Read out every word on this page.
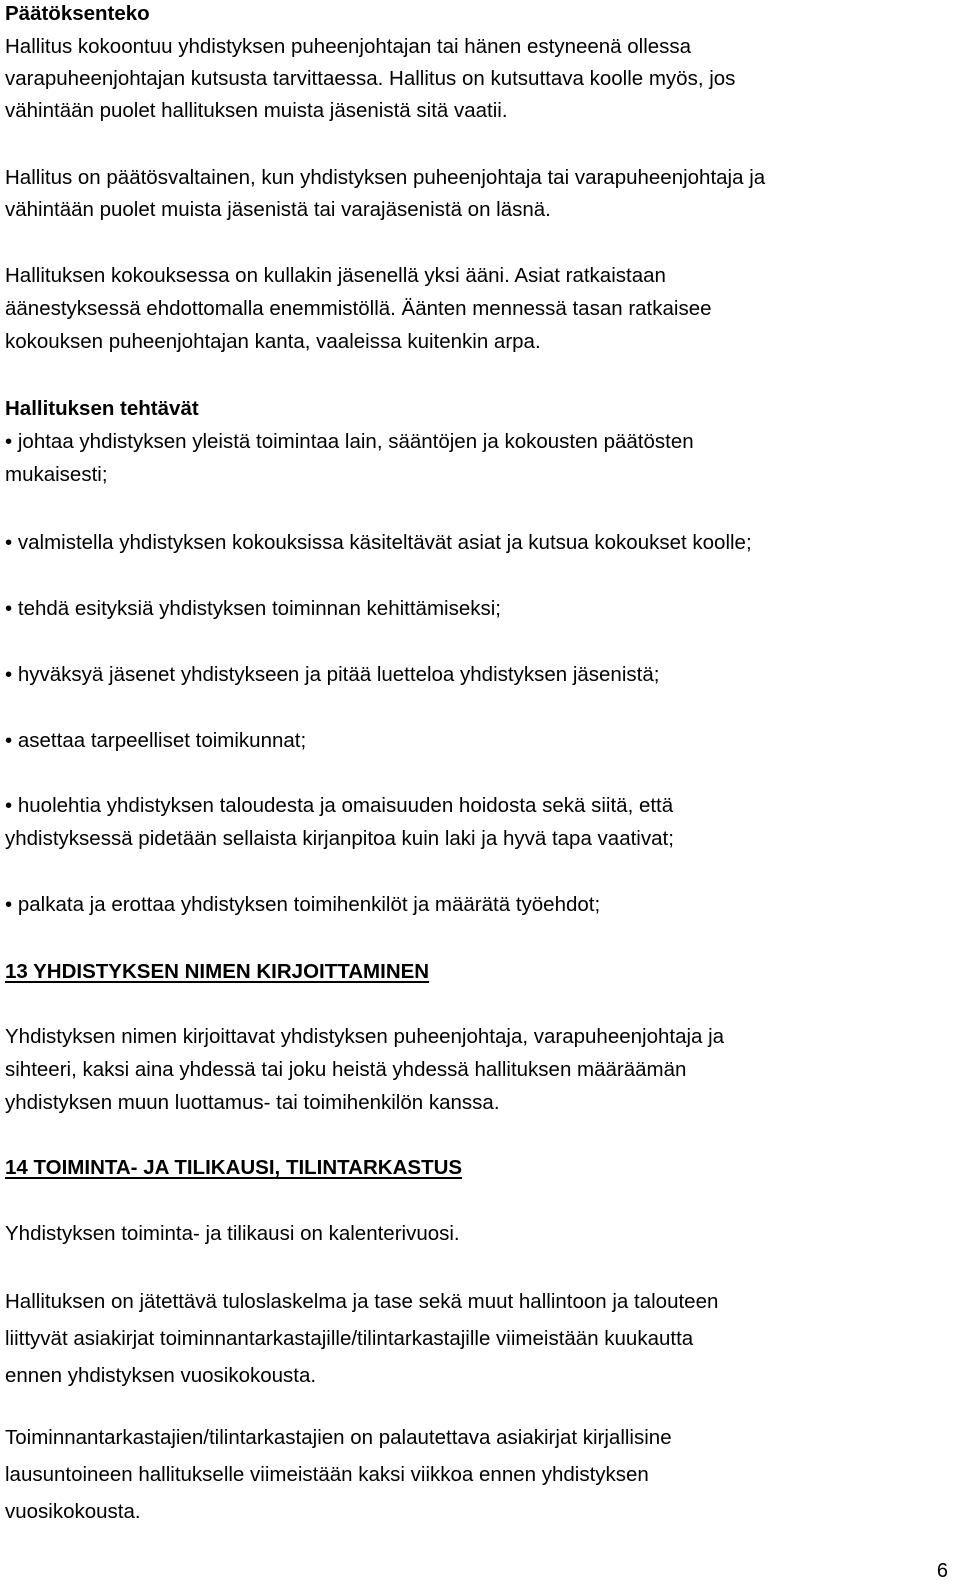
Päätöksenteko
Hallitus kokoontuu yhdistyksen puheenjohtajan tai hänen estyneenä ollessa
varapuheenjohtajan kutsusta tarvittaessa. Hallitus on kutsuttava koolle myös, jos
vähintään puolet hallituksen muista jäsenistä sitä vaatii.
Hallitus on päätösvaltainen, kun yhdistyksen puheenjohtaja tai varapuheenjohtaja ja
vähintään puolet muista jäsenistä tai varajäsenistä on läsnä.
Hallituksen kokouksessa on kullakin jäsenellä yksi ääni. Asiat ratkaistaan
äänestyksessä ehdottomalla enemmistöllä. Äänten mennessä tasan ratkaisee
kokouksen puheenjohtajan kanta, vaaleissa kuitenkin arpa.
Hallituksen tehtävät
• johtaa yhdistyksen yleistä toimintaa lain, sääntöjen ja kokousten päätösten
mukaisesti;
• valmistella yhdistyksen kokouksissa käsiteltävät asiat ja kutsua kokoukset koolle;
• tehdä esityksiä yhdistyksen toiminnan kehittämiseksi;
• hyväksyä jäsenet yhdistykseen ja pitää luetteloa yhdistyksen jäsenistä;
• asettaa tarpeelliset toimikunnat;
• huolehtia yhdistyksen taloudesta ja omaisuuden hoidosta sekä siitä, että
yhdistyksessä pidetään sellaista kirjanpitoa kuin laki ja hyvä tapa vaativat;
• palkata ja erottaa yhdistyksen toimihenkilöt ja määrätä työehdot;
13 YHDISTYKSEN NIMEN KIRJOITTAMINEN
Yhdistyksen nimen kirjoittavat yhdistyksen puheenjohtaja, varapuheenjohtaja ja
sihteeri, kaksi aina yhdessä tai joku heistä yhdessä hallituksen määräämän
yhdistyksen muun luottamus- tai toimihenkilön kanssa.
14 TOIMINTA- JA TILIKAUSI, TILINTARKASTUS
Yhdistyksen toiminta- ja tilikausi on kalenterivuosi.
Hallituksen on jätettävä tuloslaskelma ja tase sekä muut hallintoon ja talouteen
liittyvät asiakirjat toiminnantarkastajille/tilintarkastajille viimeistään kuukautta
ennen yhdistyksen vuosikokousta.
Toiminnantarkastajien/tilintarkastajien on palautettava asiakirjat kirjallisine
lausuntoineen hallitukselle viimeistään kaksi viikkoa ennen yhdistyksen
vuosikokousta.
6
